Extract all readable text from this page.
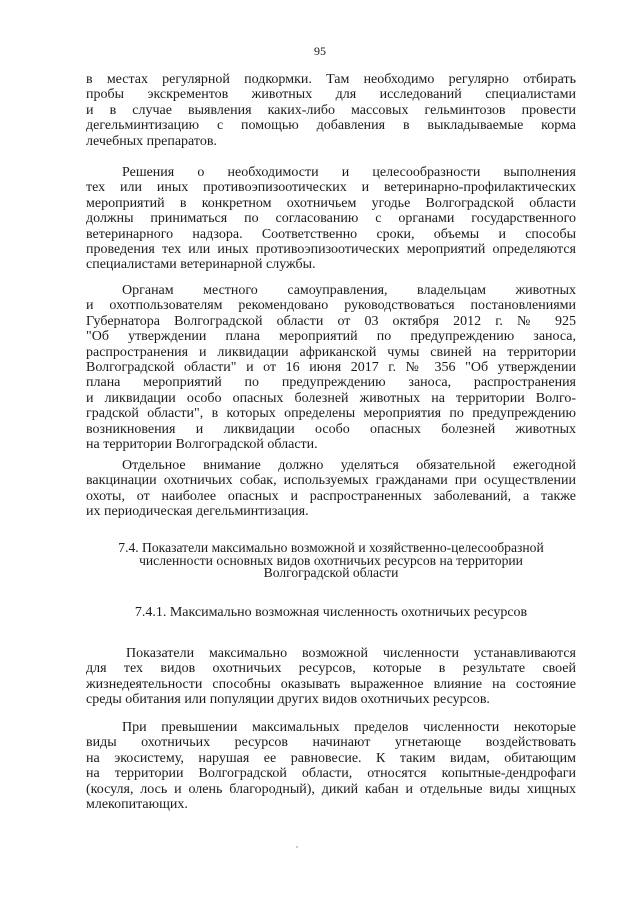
95
в местах регулярной подкормки. Там необходимо регулярно отбирать
пробы экскрементов животных для исследований специалистами
и в случае выявления каких-либо массовых гельминтозов провести
дегельминтизацию с помощью добавления в выкладываемые корма
лечебных препаратов.
Решения о необходимости и целесообразности выполнения
тех или иных противоэпизоотических и ветеринарно-профилактических
мероприятий в конкретном охотничьем угодье Волгоградской области
должны приниматься по согласованию с органами государственного
ветеринарного надзора. Соответственно сроки, объемы и способы
проведения тех или иных противоэпизоотических мероприятий определяются
специалистами ветеринарной службы.
Органам местного самоуправления, владельцам животных
и охотпользователям рекомендовано руководствоваться постановлениями
Губернатора Волгоградской области от 03 октября 2012 г. № 925
"Об утверждении плана мероприятий по предупреждению заноса,
распространения и ликвидации африканской чумы свиней на территории
Волгоградской области" и от 16 июня 2017 г. № 356 "Об утверждении
плана мероприятий по предупреждению заноса, распространения
и ликвидации особо опасных болезней животных на территории Волго-
градской области", в которых определены мероприятия по предупреждению
возникновения и ликвидации особо опасных болезней животных
на территории Волгоградской области.
Отдельное внимание должно уделяться обязательной ежегодной
вакцинации охотничьих собак, используемых гражданами при осуществлении
охоты, от наиболее опасных и распространенных заболеваний, а также
их периодическая дегельминтизация.
Показатели максимально возможной численности устанавливаются
для тех видов охотничьих ресурсов, которые в результате своей
жизнедеятельности способны оказывать выраженное влияние на состояние
среды обитания или популяции других видов охотничьих ресурсов.
При превышении максимальных пределов численности некоторые
виды охотничьих ресурсов начинают угнетающе воздействовать
на экосистему, нарушая ее равновесие. К таким видам, обитающим
на территории Волгоградской области, относятся копытные-дендрофаги
(косуля, лось и олень благородный), дикий кабан и отдельные виды хищных
млекопитающих.
7.4. Показатели максимально возможной и хозяйственно-целесообразной
численности основных видов охотничьих ресурсов на территории
Волгоградской области
7.4.1. Максимально возможная численность охотничьих ресурсов
